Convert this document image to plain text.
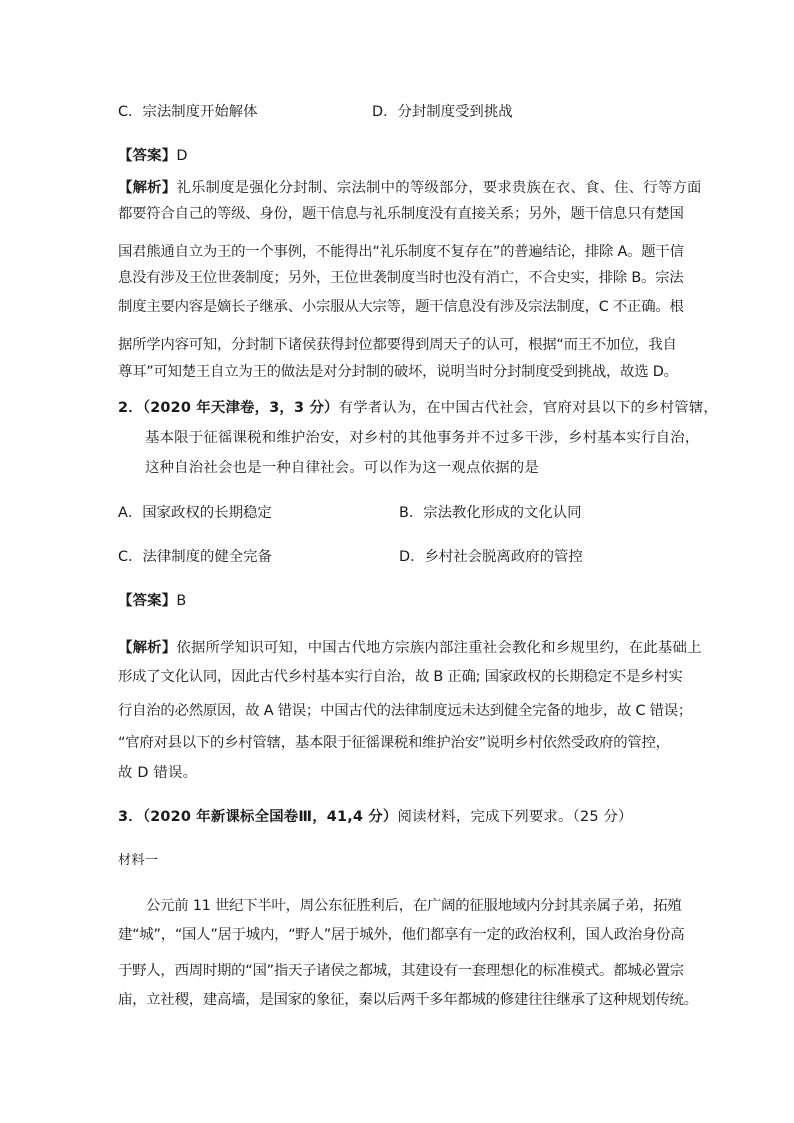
C．宗法制度开始解体	D．分封制度受到挑战

【答案】D

【解析】礼乐制度是强化分封制、宗法制中的等级部分，要求贵族在衣、食、住、行等方面

都要符合自己的等级、身份，题干信息与礼乐制度没有直接关系；另外，题干信息只有楚国

国君熊通自立为王的一个事例，不能得出“礼乐制度不复存在”的普遍结论，排除 A。题干信

息没有涉及王位世袭制度；另外，王位世袭制度当时也没有消亡，不合史实，排除 B。宗法

制度主要内容是嫡长子继承、小宗服从大宗等，题干信息没有涉及宗法制度，C 不正确。根

据所学内容可知，分封制下诸侯获得封位都要得到周天子的认可，根据“而王不加位，我自

尊耳”可知楚王自立为王的做法是对分封制的破坏，说明当时分封制度受到挑战，故选 D。

2．（2020 年天津卷，3，3 分）有学者认为，在中国古代社会，官府对县以下的乡村管辖，

基本限于征徭课税和维护治安，对乡村的其他事务并不过多干涉，乡村基本实行自治，

这种自治社会也是一种自律社会。可以作为这一观点依据的是

A．国家政权的长期稳定	B．宗法教化形成的文化认同

C．法律制度的健全完备	D．乡村社会脱离政府的管控

【答案】B

【解析】依据所学知识可知，中国古代地方宗族内部注重社会教化和乡规里约，在此基础上

形成了文化认同，因此古代乡村基本实行自治，故 B 正确; 国家政权的长期稳定不是乡村实

行自治的必然原因，故 A 错误；中国古代的法律制度远未达到健全完备的地步，故 C 错误；

“官府对县以下的乡村管辖，基本限于征徭课税和维护治安”说明乡村依然受政府的管控，

故 D 错误。

3．（2020 年新课标全国卷Ⅲ，41,4 分）阅读材料，完成下列要求。（25 分）

材料一

公元前 11 世纪下半叶，周公东征胜利后，在广阔的征服地域内分封其亲属子弟，拓殖

建“城”，“国人”居于城内，“野人”居于城外，他们都享有一定的政治权利，国人政治身份高

于野人，西周时期的“国”指天子诸侯之都城，其建设有一套理想化的标准模式。都城必置宗

庙，立社稷，建高墙，是国家的象征，秦以后两千多年都城的修建往往继承了这种规划传统。
